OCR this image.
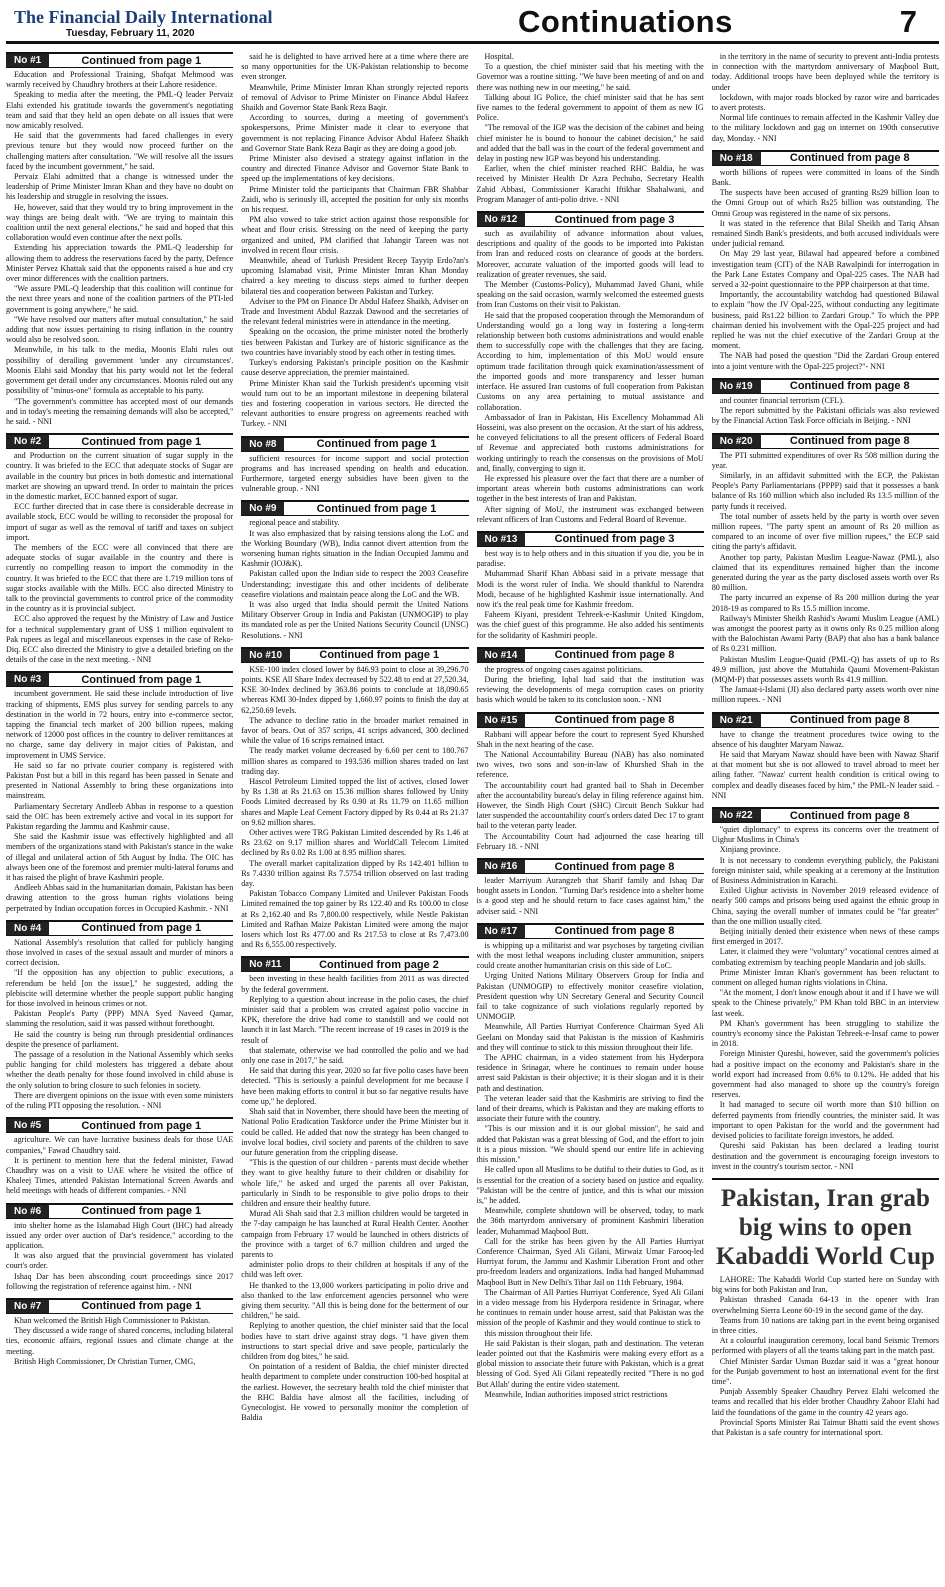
The Financial Daily International
Tuesday, February 11, 2020	Continuations	7
No #1	Continued from page 1

Education and Professional Training, Shafqat Mehmood was warmly received by Chaudhry brothers at their Lahore residence.

Speaking to media after the meeting, the PML-Q leader Pervaiz Elahi extended his gratitude towards the government's negotiating team and said that they held an open debate on all issues that were now amicably resolved.

He said that the governments had faced challenges in every previous tenure but they would now proceed further on the challenging matters after consultation. "We will resolve all the issues faced by the incumbent government," he said.

Pervaiz Elahi admitted that a change is witnessed under the leadership of Prime Minister Imran Khan and they have no doubt on his leadership and struggle in resolving the issues.

He, however, said that they would try to bring improvement in the way things are being dealt with. "We are trying to maintain this coalition until the next general elections," he said and hoped that this collaboration would even continue after the next polls.

Extending his appreciation towards the PML-Q leadership for allowing them to address the reservations faced by the party, Defence Minister Pervez Khattak said that the opponents raised a hue and cry over minor differences with the coalition partners.

"We assure PML-Q leadership that this coalition will continue for the next three years and none of the coalition partners of the PTI-led government is going anywhere," he said.

"We have resolved our matters after mutual consultation," he said adding that now issues pertaining to rising inflation in the country would also be resolved soon.

Meanwhile, in his talk to the media, Moonis Elahi rules out possibility of derailing government 'under any circumstances'. Moonis Elahi said Monday that his party would not let the federal government get derail under any circumstances. Moonis ruled out any possibility of "minus-one" formula as acceptable to his party.

"The government's committee has accepted most of our demands and in today's meeting the remaining demands will also be accepted," he said. - NNI

No #2	Continued from page 1

and Production on the current situation of sugar supply in the country. It was briefed to the ECC that adequate stocks of Sugar are available in the country but prices in both domestic and international market are showing an upward trend. In order to maintain the prices in the domestic market, ECC banned export of sugar.

ECC further directed that in case there is considerable decrease in available stock, ECC would be willing to reconsider the proposal for import of sugar as well as the removal of tariff and taxes on subject import.

The members of the ECC were all convinced that there are adequate stocks of sugar available in the country and there is currently no compelling reason to import the commodity in the country. It was briefed to the ECC that there are 1.719 million tons of sugar stocks available with the Mills. ECC also directed Ministry to talk to the provincial governments to control price of the commodity in the country as it is provincial subject.

ECC also approved the request by the Ministry of Law and Justice for a technical supplementary grant of US$ 1 million equivalent to Pak rupees as legal and miscellaneous expenses in the case of Reko-Diq. ECC also directed the Ministry to give a detailed briefing on the details of the case in the next meeting. - NNI

No #3	Continued from page 1

incumbent government. He said these include introduction of live tracking of shipments, EMS plus survey for sending parcels to any destination in the world in 72 hours, entry into e-commerce sector, tapping the financial tech market of 200 billion rupees, making network of 12000 post offices in the country to deliver remittances at no charge, same day delivery in major cities of Pakistan, and improvement in UMS Service.

He said so far no private courier company is registered with Pakistan Post but a bill in this regard has been passed in Senate and presented in National Assembly to bring these organizations into mainstream.

Parliamentary Secretary Andleeb Abbas in response to a question said the OIC has been extremely active and vocal in its support for Pakistan regarding the Jammu and Kashmir cause.

She said the Kashmir issue was effectively highlighted and all members of the organizations stand with Pakistan's stance in the wake of illegal and unilateral action of 5th August by India. The OIC has always been one of the foremost and premier multi-lateral forums and it has raised the plight of brave Kashmiri people.

Andleeb Abbas said in the humanitarian domain, Pakistan has been drawing attention to the gross human rights violations being perpetrated by Indian occupation forces in Occupied Kashmir. - NNI

No #4	Continued from page 1

National Assembly's resolution that called for publicly hanging those involved in cases of the sexual assault and murder of minors a correct decision.

"If the opposition has any objection to public executions, a referendum be held [on the issue]," he suggested, adding the plebiscite will determine whether the people support public hanging for those involved in heinous crimes or not.

Pakistan People's Party (PPP) MNA Syed Naveed Qamar, slamming the resolution, said it was passed without forethought.

He said the country is being run through presidential ordinances despite the presence of parliament.

The passage of a resolution in the National Assembly which seeks public hanging for child molesters has triggered a debate about whether the death penalty for those found involved in child abuse is the only solution to bring closure to such felonies in society.

There are divergent opinions on the issue with even some ministers of the ruling PTI opposing the resolution. - NNI

No #5	Continued from page 1

agriculture. We can have lucrative business deals for those UAE companies," Fawad Chaudhry said.

It is pertinent to mention here that the federal minister, Fawad Chaudhry was on a visit to UAE where he visited the office of Khaleej Times, attended Pakistan International Screen Awards and held meetings with heads of different companies. - NNI

No #6	Continued from page 1

into shelter home as the Islamabad High Court (IHC) had already issued any order over auction of Dar's residence," according to the application.

It was also argued that the provincial government has violated court's order.

Ishaq Dar has been absconding court proceedings since 2017 following the registration of reference against him. - NNI

No #7	Continued from page 1

Khan welcomed the British High Commissioner to Pakistan.

They discussed a wide range of shared concerns, including bilateral ties, economic affairs, regional issues and climate change at the meeting.

British High Commissioner, Dr Christian Turner, CMG,

said he is delighted to have arrived here at a time where there are so many opportunities for the UK-Pakistan relationship to become even stronger.

Meanwhile, Prime Minister Imran Khan strongly rejected reports of removal of Advisor to Prime Minister on Finance Abdul Hafeez Shaikh and Governor State Bank Reza Baqir.

According to sources, during a meeting of government's spokespersons, Prime Minister made it clear to everyone that government is not replacing Finance Advisor Abdul Hafeez Shaikh and Governor State Bank Reza Baqir as they are doing a good job.

Prime Minister also devised a strategy against inflation in the country and directed Finance Advisor and Governor State Bank to speed up the implementations of key decisions.

Prime Minister told the participants that Chairman FBR Shabbar Zaidi, who is seriously ill, accepted the position for only six months on his request.

PM also vowed to take strict action against those responsible for wheat and flour crisis. Stressing on the need of keeping the party organized and united, PM clarified that Jahangir Tareen was not involved in recent flour crisis.

Meanwhile, ahead of Turkish President Recep Tayyip Erdo?an's upcoming Islamabad visit, Prime Minister Imran Khan Monday chaired a key meeting to discuss steps aimed to further deepen bilateral ties and cooperation between Pakistan and Turkey.

Adviser to the PM on Finance Dr Abdul Hafeez Shaikh, Adviser on Trade and Investment Abdul Razzak Dawood and the secretaries of the relevant federal ministries were in attendance in the meeting.

Speaking on the occasion, the prime minister noted the brotherly ties between Pakistan and Turkey are of historic significance as the two countries have invariably stood by each other in testing times.

Turkey's endorsing Pakistan's principle position on the Kashmir cause deserve appreciation, the premier maintained.

Prime Minister Khan said the Turkish president's upcoming visit would turn out to be an important milestone in deepening bilateral ties and fostering cooperation in various sectors. He directed the relevant authorities to ensure progress on agreements reached with Turkey. - NNI

No #8	Continued from page 1

sufficient resources for income support and social protection programs and has increased spending on health and education. Furthermore, targeted energy subsidies have been given to the vulnerable group. - NNI

No #9	Continued from page 1

regional peace and stability.

It was also emphasized that by raising tensions along the LoC and the Working Boundary (WB), India cannot divert attention from the worsening human rights situation in the Indian Occupied Jammu and Kashmir (IOJ&K).

Pakistan called upon the Indian side to respect the 2003 Ceasefire Understanding; investigate this and other incidents of deliberate ceasefire violations and maintain peace along the LoC and the WB.

It was also urged that India should permit the United Nations Military Observer Group in India and Pakistan (UNMOGIP) to play its mandated role as per the United Nations Security Council (UNSC) Resolutions. - NNI

No #10	Continued from page 1

KSE-100 index closed lower by 846.93 point to close at 39,296.70 points. KSE All Share Index decreased by 522.48 to end at 27,520.34, KSE 30-Index declined by 363.86 points to conclude at 18,090.65 whereas KMI 30-Index dipped by 1,660.97 points to finish the day at 62,250.69 levels.

The advance to decline ratio in the broader market remained in favor of bears. Out of 357 scrips, 41 scrips advanced, 300 declined while the value of 16 scrips remained intact.

The ready market volume decreased by 6.60 per cent to 180.767 million shares as compared to 193.536 million shares traded on last trading day.

Hascol Petroleum Limited topped the list of actives, closed lower by Rs 1.38 at Rs 21.63 on 15.36 million shares followed by Unity Foods Limited decreased by Rs 0.90 at Rs 11.79 on 11.65 million shares and Maple Leaf Cement Factory dipped by Rs 0.44 at Rs 21.37 on 9.62 million shares.

Other actives were TRG Pakistan Limited descended by Rs 1.46 at Rs 23.62 on 9.17 million shares and WorldCall Telecom Limited declined by Rs 0.02 Rs 1.00 at 8.95 million shares.

The overall market capitalization dipped by Rs 142.401 billion to Rs 7.4330 trillion against Rs 7.5754 trillion observed on last trading day.

Pakistan Tobacco Company Limited and Unilever Pakistan Foods Limited remained the top gainer by Rs 122.40 and Rs 100.00 to close at Rs 2,162.40 and Rs 7,800.00 respectively, while Nestle Pakistan Limited and Rafhan Maize Pakistan Limited were among the major losers which lost Rs 477.00 and Rs 217.53 to close at Rs 7,473.00 and Rs 6,555.00 respectively.

No #11	Continued from page 2

been investing in these health facilities from 2011 as was directed by the federal government.

Replying to a question about increase in the polio cases, the chief minister said that a problem was created against polio vaccine in KPK, therefore the drive had come to standstill and we could not launch it in last March. "The recent increase of 19 cases in 2019 is the result of

that stalemate, otherwise we had controlled the polio and we had only one case in 2017," he said.

He said that during this year, 2020 so far five polio cases have been detected. "This is seriously a painful development for me because I have been making efforts to control it but so far negative results have come up," he deplored.

Shah said that in November, there should have been the meeting of National Polio Eradication Taskforce under the Prime Minister but it could be called. He added that now the strategy has been changed to involve local bodies, civil society and parents of the children to save our future generation from the crippling disease.

"This is the question of our children - parents must decide whether they want to give healthy future to their children or disability for whole life," he asked and urged the parents all over Pakistan, particularly in Sindh to be responsible to give polio drops to their children and ensure their healthy future.

Murad Ali Shah said that 2.3 million children would be targeted in the 7-day campaign he has launched at Rural Health Center. Another campaign from February 17 would be launched in others districts of the province with a target of 6.7 million children and urged the parents to

administer polio drops to their children at hospitals if any of the child was left over.

He thanked to the 13,000 workers participating in polio drive and also thanked to the law enforcement agencies personnel who were giving them security. "All this is being done for the betterment of our children," he said.

Replying to another question, the chief minister said that the local bodies have to start drive against stray dogs. "I have given them instructions to start special drive and save people, particularly the children from dog bites," he said.

On pointation of a resident of Baldia, the chief minister directed health department to complete under construction 100-bed hospital at the earliest. However, the secretary health told the chief minister that the RHC Baldia have almost all the facilities, including of Gynecologist. He vowed to personally monitor the completion of Baldia

Hospital.

To a question, the chief minister said that his meeting with the Governor was a routine sitting. "We have been meeting of and on and there was nothing new in our meeting," he said.

Talking about IG Police, the chief minister said that he has sent five names to the federal government to appoint of them as new IG Police.

"The removal of the IGP was the decision of the cabinet and being chief minister he is bound to honour the cabinet decision," he said and added that the ball was in the court of the federal government and delay in posting new IGP was beyond his understanding.

Earlier, when the chief minister reached RHC Baldia, he was received by Minister Health Dr Azra Pechuho, Secretary Health Zahid Abbasi, Commissioner Karachi Iftikhar Shahalwani, and Program Manager of anti-polio drive. - NNI

No #12	Continued from page 3

such as availability of advance information about values, descriptions and quality of the goods to be imported into Pakistan from Iran and reduced costs on clearance of goods at the borders. Moreover, accurate valuation of the imported goods will lead to realization of greater revenues, she said.

The Member (Customs-Policy), Muhammad Javed Ghani, while speaking on the said occasion, warmly welcomed the esteemed guests from Iran Customs on their visit to Pakistan.

He said that the proposed cooperation through the Memorandum of Understanding would go a long way in fostering a long-term relationship between both customs administrations and would enable them to successfully cope with the challenges that they are facing. According to him, implementation of this MoU would ensure optimum trade facilitation through quick examination/assessment of the imported goods and more transparency and lesser human interface. He assured Iran customs of full cooperation from Pakistan Customs on any area pertaining to mutual assistance and collaboration.

Ambassador of Iran in Pakistan, His Excellency Mohammad Ali Hosseini, was also present on the occasion. At the start of his address, he conveyed felicitations to all the present officers of Federal Board of Revenue and appreciated both customs administrations for working untiringly to reach the consensus on the provisions of MoU and, finally, converging to sign it.

He expressed his pleasure over the fact that there are a number of important areas wherein both customs administrations can work together in the best interests of Iran and Pakistan.

After signing of MoU, the instrument was exchanged between relevant officers of Iran Customs and Federal Board of Revenue.

No #13	Continued from page 3

best way is to help others and in this situation if you die, you be in paradise.

Muhammad Sharif Khan Abbasi said in a private message that Modi is the worst ruler of India. We should thankful to Narendra Modi, because of he highlighted Kashmir issue internationally. And now it's the real peak time for Kashmir freedom.

Faheem Kiyani, president Tehreek-e-Kashmir United Kingdom, was the chief guest of this programme. He also added his sentiments for the solidarity of Kashmiri people.

No #14	Continued from page 8

the progress of ongoing cases against politicians.

During the briefing, Iqbal had said that the institution was reviewing the developments of mega corruption cases on priority basis which would be taken to its conclusion soon. - NNI

No #15	Continued from page 8

Rabbani will appear before the court to represent Syed Khurshed Shah in the next hearing of the case.

The National Accountability Bureau (NAB) has also nominated two wives, two sons and son-in-law of Khurshed Shah in the reference.

The accountability court had granted bail to Shah in December after the accountability bureau's delay in filing reference against him. However, the Sindh High Court (SHC) Circuit Bench Sukkur had later suspended the accountability court's orders dated Dec 17 to grant bail to the veteran party leader.

The Accountability Court had adjourned the case hearing till February 18. - NNI

No #16	Continued from page 8

leader Marriyum Aurangzeb that Sharif family and Ishaq Dar bought assets in London. "Turning Dar's residence into a shelter home is a good step and he should return to face cases against him," the adviser said. - NNI

No #17	Continued from page 8

is whipping up a militarist and war psychoses by targeting civilian with the most lethal weapons including cluster ammunition, snipers could create another humanitarian crisis on this side of LoC.

Urging United Nations Military Observers Group for India and Pakistan (UNMOGIP) to effectively monitor ceasefire violation, President question why UN Secretary General and Security Council fail to take cognizance of such violations regularly reported by UNMOGIP.

Meanwhile, All Parties Hurriyat Conference Chairman Syed Ali Geelani on Monday said that Pakistan is the mission of Kashmiris and they will continue to stick to this mission throughout their life.

The APHC chairman, in a video statement from his Hyderpora residence in Srinagar, where he continues to remain under house arrest said Pakistan is their objective; it is their slogan and it is their path and destination.

The veteran leader said that the Kashmiris are striving to find the land of their dreams, which is Pakistan and they are making efforts to associate their future with the country.

"This is our mission and it is our global mission", he said and added that Pakistan was a great blessing of God, and the effort to join it is a pious mission. "We should spend our entire life in achieving this mission."

He called upon all Muslims to be dutiful to their duties to God, as it is essential for the creation of a society based on justice and equality. "Pakistan will be the centre of justice, and this is what our mission is," he added.

Meanwhile, complete shutdown will be observed, today, to mark the 36th martyrdom anniversary of prominent Kashmiri liberation leader, Muhammad Maqbool Butt.

Call for the strike has been given by the All Parties Hurriyat Conference Chairman, Syed Ali Gilani, Mirwaiz Umar Farooq-led Hurriyat forum, the Jammu and Kashmir Liberation Front and other pro-freedom leaders and organizations. India had hanged Muhammad Maqbool Butt in New Delhi's Tihar Jail on 11th February, 1984.

The Chairman of All Parties Hurriyat Conference, Syed Ali Gilani in a video message from his Hyderpora residence in Srinagar, where he continues to remain under house arrest, said that Pakistan was the mission of the people of Kashmir and they would continue to stick to

this mission throughout their life.

He said Pakistan is their slogan, path and destination. The veteran leader pointed out that the Kashmiris were making every effort as a global mission to associate their future with Pakistan, which is a great blessing of God. Syed Ali Gilani repeatedly recited "There is no god But Allah' during the entire video statement.

Meanwhile, Indian authorities imposed strict restrictions

in the territory in the name of security to prevent anti-India protests in connection with the martyrdom anniversary of Maqbool Butt, today. Additional troops have been deployed while the territory is under

lockdown, with major roads blocked by razor wire and barricades to avert protests.

Normal life continues to remain affected in the Kashmir Valley due to the military lockdown and gag on internet on 190th consecutive day, Monday. - NNI

No #18	Continued from page 8

worth billions of rupees were committed in loans of the Sindh Bank.

The suspects have been accused of granting Rs29 billion loan to the Omni Group out of which Rs25 billion was outstanding. The Omni Group was registered in the name of six persons.

It was stated in the reference that Bilal Sheikh and Tariq Ahsan remained Sindh Bank's presidents, and both accused individuals were under judicial remand.

On May 29 last year, Bilawal had appeared before a combined investigation team (CIT) of the NAB Rawalpindi for interrogation in the Park Lane Estates Company and Opal-225 cases. The NAB had served a 32-point questionnaire to the PPP chairperson at that time.

Importantly, the accountability watchdog had questioned Bilawal to explain "how the JV Opal-225, without conducting any legitimate business, paid Rs1.22 billion to Zardari Group." To which the PPP chairman denied his involvement with the Opal-225 project and had replied he was not the chief executive of the Zardari Group at the moment.

The NAB had posed the question "Did the Zardari Group entered into a joint venture with the Opal-225 project?"- NNI

No #19	Continued from page 8

and counter financial terrorism (CFL).

The report submitted by the Pakistani officials was also reviewed by the Financial Action Task Force officials in Beijing. - NNI

No #20	Continued from page 8

The PTI submitted expenditures of over Rs 508 million during the year.

Similarly, in an affidavit submitted with the ECP, the Pakistan People's Party Parliamentarians (PPPP) said that it possesses a bank balance of Rs 160 million which also included Rs 13.5 million of the party funds it received.

The total number of assets held by the party is worth over seven million rupees. "The party spent an amount of Rs 20 million as compared to an income of over five million rupees," the ECP said citing the party's affidavit.

Another top party, Pakistan Muslim League-Nawaz (PML), also claimed that its expenditures remained higher than the income generated during the year as the party disclosed assets worth over Rs 80 million.

The party incurred an expense of Rs 200 million during the year 2018-19 as compared to Rs 15.5 million income.

Railway's Minister Sheikh Rashid's Awami Muslim League (AML) was amongst the poorest party as it owns only Rs 0.25 million along with the Balochistan Awami Party (BAP) that also has a bank balance of Rs 0.231 million.

Pakistan Muslim League-Quaid (PML-Q) has assets of up to Rs 49.9 million, just above the Muttahida Qaumi Movement-Pakistan (MQM-P) that possesses assets worth Rs 41.9 million.

The Jamaat-i-Islami (JI) also declared party assets worth over nine million rupees. - NNI

No #21	Continued from page 8

have to change the treatment procedures twice owing to the absence of his daughter Maryam Nawaz.

He said that Maryam Nawaz should have been with Nawaz Sharif at that moment but she is not allowed to travel abroad to meet her ailing father. "Nawaz' current health condition is critical owing to complex and deadly diseases faced by him," the PML-N leader said. - NNI

No #22	Continued from page 8

"quiet diplomacy" to express its concerns over the treatment of Uighur Muslims in China's

Xinjiang province.

It is not necessary to condemn everything publicly, the Pakistani foreign minister said, while speaking at a ceremony at the Institution of Business Administration in Karachi.

Exiled Uighur activists in November 2019 released evidence of nearly 500 camps and prisons being used against the ethnic group in China, saying the overall number of inmates could be "far greater" than the one million usually cited.

Beijing initially denied their existence when news of these camps first emerged in 2017.

Later, it claimed they were "voluntary" vocational centres aimed at combating extremism by teaching people Mandarin and job skills.

Prime Minister Imran Khan's government has been reluctant to comment on alleged human rights violations in China.

"At the moment, I don't know enough about it and if I have we will speak to the Chinese privately," PM Khan told BBC in an interview last week.

PM Khan's government has been struggling to stabilize the country's economy since the Pakistan Tehreek-e-Insaf came to power in 2018.

Foreign Minister Qureshi, however, said the government's policies had a positive impact on the economy and Pakistan's share in the world export had increased from 0.6% to 0.12%. He added that his government had also managed to shore up the country's foreign reserves.

It had managed to secure oil worth more than $10 billion on deferred payments from friendly countries, the minister said. It was important to open Pakistan for the world and the government had devised policies to facilitate foreign investors, he added.

Qureshi said Pakistan has been declared a leading tourist destination and the government is encouraging foreign investors to invest in the country's tourism sector. - NNI

Pakistan, Iran grab big wins to open Kabaddi World Cup

LAHORE: The Kabaddi World Cup started here on Sunday with big wins for both Pakistan and Iran.

Pakistan thrashed Canada 64-13 in the opener with Iran overwhelming Sierra Leone 60-19 in the second game of the day.

Teams from 10 nations are taking part in the event being organised in three cities.

At a colourful inauguration ceremony, local band Seismic Tremors performed with players of all the teams taking part in the match past.

Chief Minister Sardar Usman Buzdar said it was a "great honour for the Punjab government to host an international event for the first time".

Punjab Assembly Speaker Chaudhry Pervez Elahi welcomed the teams and recalled that his elder brother Chaudhry Zahoor Elahi had laid the foundations of the game in the country 42 years ago.

Provincial Sports Minister Rai Taimur Bhatti said the event shows that Pakistan is a safe country for international sport.
